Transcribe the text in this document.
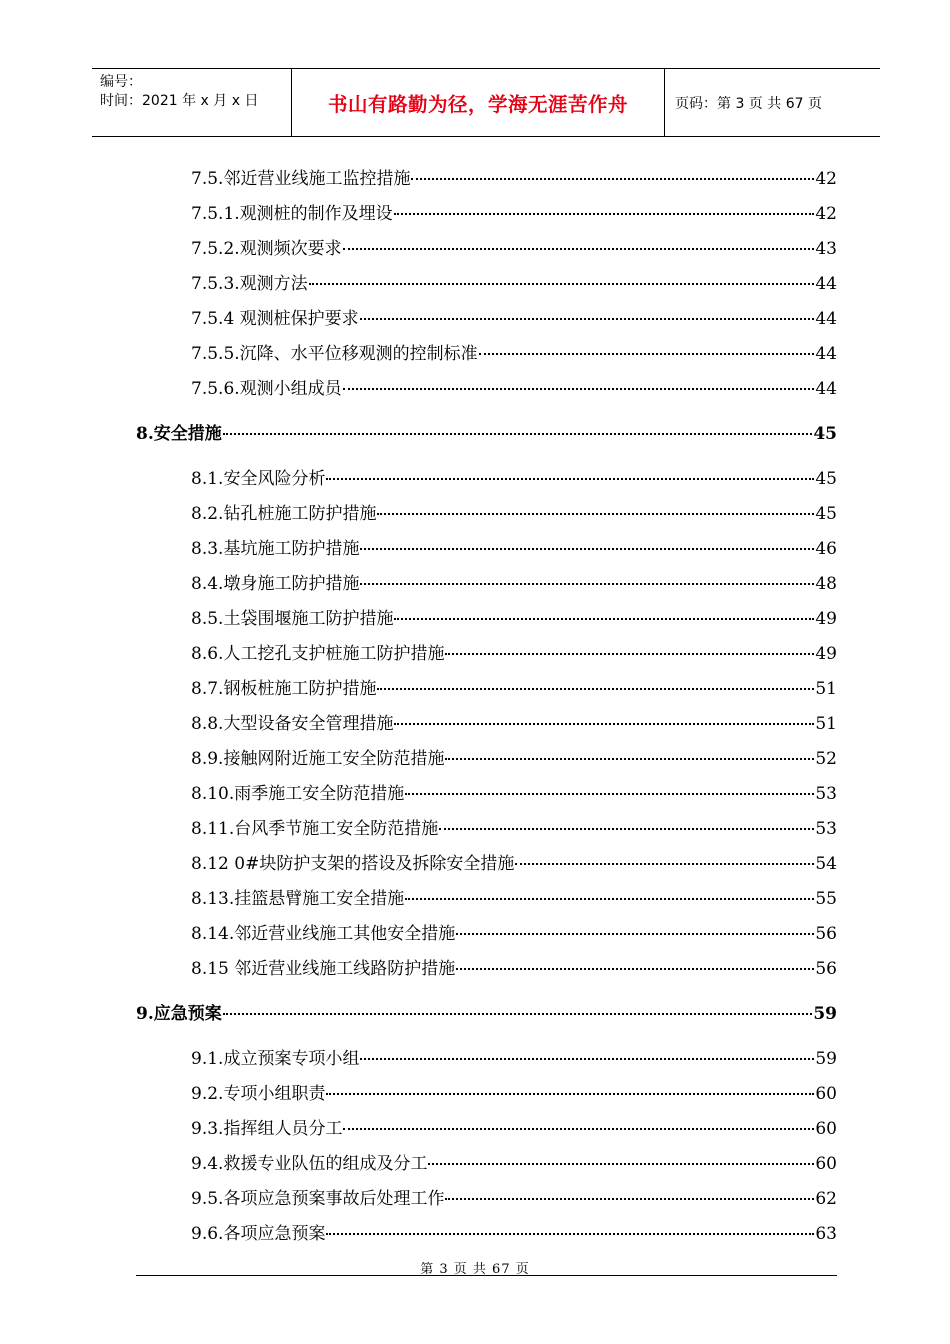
编号：
时间：2021 年 x 月 x 日	书山有路勤为径，学海无涯苦作舟	页码：第 3 页 共 67 页
7.5.邻近营业线施工监控措施	42
7.5.1.观测桩的制作及埋设	42
7.5.2.观测频次要求	43
7.5.3.观测方法	44
7.5.4 观测桩保护要求	44
7.5.5.沉降、水平位移观测的控制标准	44
7.5.6.观测小组成员	44
8.安全措施	45
8.1.安全风险分析	45
8.2.钻孔桩施工防护措施	45
8.3.基坑施工防护措施	46
8.4.墩身施工防护措施	48
8.5.土袋围堰施工防护措施	49
8.6.人工挖孔支护桩施工防护措施	49
8.7.钢板桩施工防护措施	51
8.8.大型设备安全管理措施	51
8.9.接触网附近施工安全防范措施	52
8.10.雨季施工安全防范措施	53
8.11.台风季节施工安全防范措施	53
8.12 0#块防护支架的搭设及拆除安全措施	54
8.13.挂篮悬臂施工安全措施	55
8.14.邻近营业线施工其他安全措施	56
8.15 邻近营业线施工线路防护措施	56
9.应急预案	59
9.1.成立预案专项小组	59
9.2.专项小组职责	60
9.3.指挥组人员分工	60
9.4.救援专业队伍的组成及分工	60
9.5.各项应急预案事故后处理工作	62
9.6.各项应急预案	63
第 3 页 共 67 页
